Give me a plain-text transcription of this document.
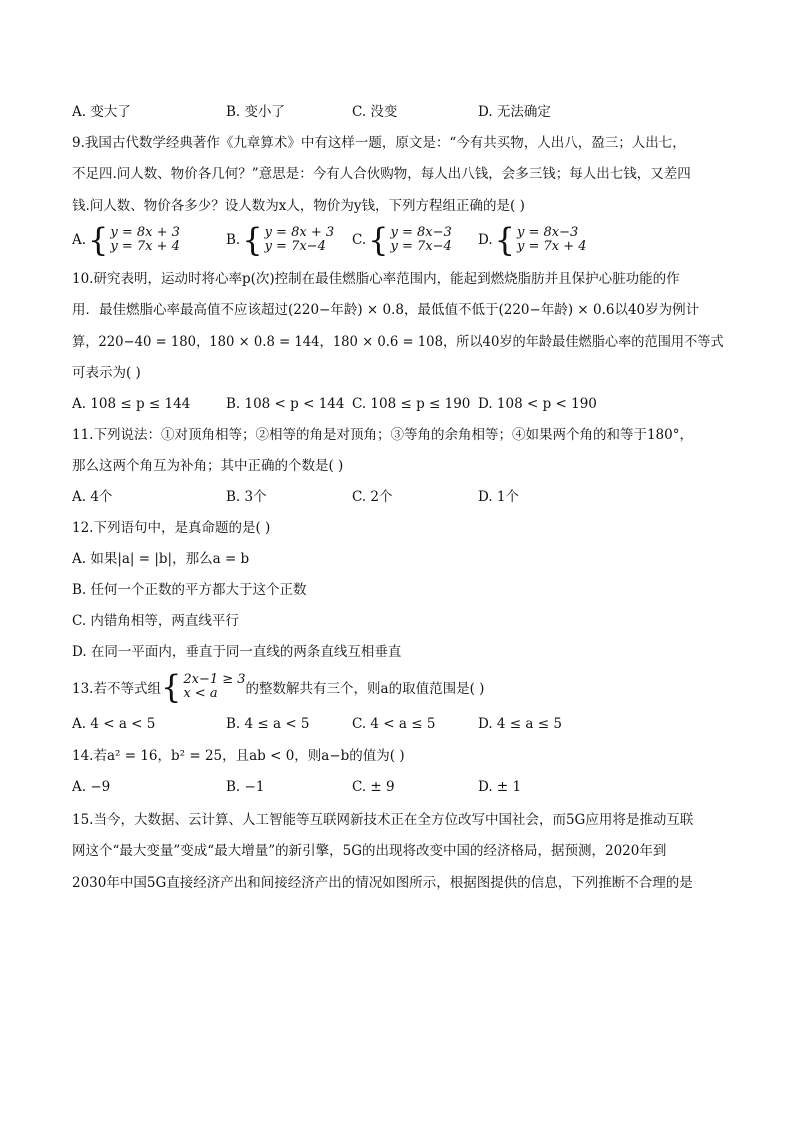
A. 变大了	B. 变小了	C. 没变	D. 无法确定
9.我国古代数学经典著作《九章算术》中有这样一题，原文是：“今有共买物，人出八，盈三；人出七，
不足四.问人数、物价各几何？”意思是：今有人合伙购物，每人出八钱，会多三钱；每人出七钱，又差四
钱.问人数、物价各多少？设人数为x人，物价为y钱，下列方程组正确的是( )
A. { y = 8x + 3
y = 7x + 4	B. { y = 8x + 3
y = 7x−4	C. { y = 8x−3
y = 7x−4 D. { y = 8x−3
y = 7x + 4
10.研究表明，运动时将心率p(次)控制在最佳燃脂心率范围内，能起到燃烧脂肪并且保护心脏功能的作
用．最佳燃脂心率最高值不应该超过(220−年龄) × 0.8，最低值不低于(220−年龄) × 0.6以40岁为例计
算，220−40 = 180，180 × 0.8 = 144，180 × 0.6 = 108，所以40岁的年龄最佳燃脂心率的范围用不等式
可表示为( )
A. 108 ≤ p ≤ 144	B. 108 < p < 144 C. 108 ≤ p ≤ 190 D. 108 < p < 190
11.下列说法：①对顶角相等；②相等的角是对顶角；③等角的余角相等；④如果两个角的和等于180°，
那么这两个角互为补角；其中正确的个数是( )
A. 4个	B. 3个	C. 2个	D. 1个
12.下列语句中，是真命题的是( )
A. 如果|a| = |b|，那么a = b
B. 任何一个正数的平方都大于这个正数
C. 内错角相等，两直线平行
D. 在同一平面内，垂直于同一直线的两条直线互相垂直
13.若不等式组 { 2x−1 ≥ 3
x < a	的整数解共有三个，则a的取值范围是( )
A. 4 < a < 5	B. 4 ≤ a < 5	C. 4 < a ≤ 5	D. 4 ≤ a ≤ 5
14.若a² = 16，b² = 25，且ab < 0，则a−b的值为( )
A. −9	B. −1	C. ± 9	D. ± 1
15.当今，大数据、云计算、人工智能等互联网新技术正在全方位改写中国社会，而5G应用将是推动互联
网这个“最大变量”变成“最大增量”的新引擎，5G的出现将改变中国的经济格局，据预测，2020年到
2030年中国5G直接经济产出和间接经济产出的情况如图所示，根据图提供的信息，下列推断不合理的是
